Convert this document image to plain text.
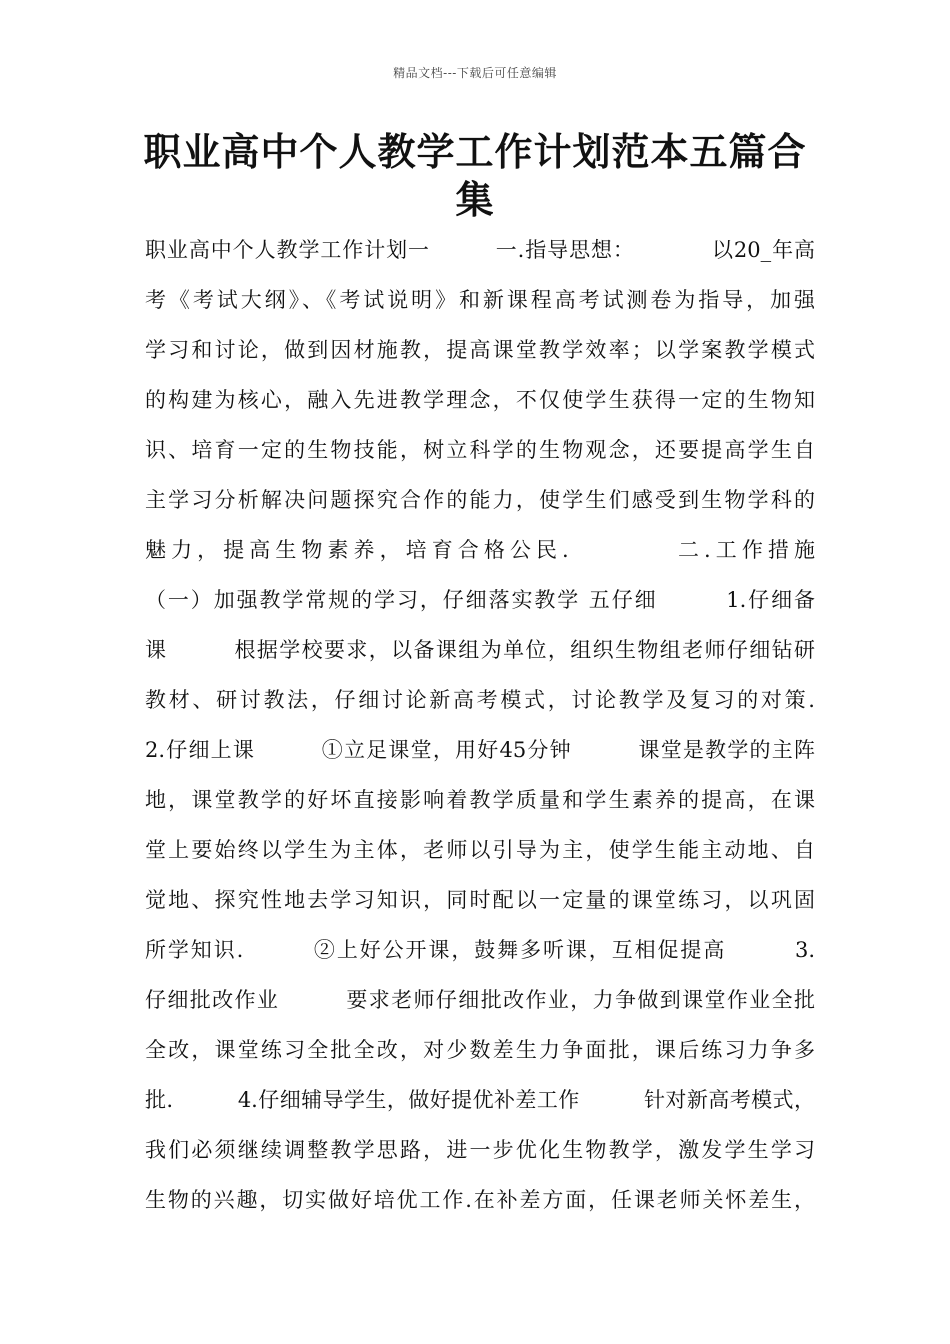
精品文档---下载后可任意编辑
职业高中个人教学工作计划范本五篇合
集
职业高中个人教学工作计划一　　　一.指导思想：　　　　以20_年高
考《考试大纲》、《考试说明》和新课程高考试测卷为指导，加强
学习和讨论，做到因材施教，提高课堂教学效率；以学案教学模式
的构建为核心，融入先进教学理念，不仅使学生获得一定的生物知
识、培育一定的生物技能，树立科学的生物观念，还要提高学生自
主学习分析解决问题探究合作的能力，使学生们感受到生物学科的
魅力，提高生物素养，培育合格公民.　　　　二.工作措施
（一）加强教学常规的学习，仔细落实教学 五仔细　　　1.仔细备
课　　　根据学校要求，以备课组为单位，组织生物组老师仔细钻研
教材、研讨教法，仔细讨论新高考模式，讨论教学及复习的对策.
2.仔细上课　　　①立足课堂，用好45分钟　　　课堂是教学的主阵
地，课堂教学的好坏直接影响着教学质量和学生素养的提高，在课
堂上要始终以学生为主体，老师以引导为主，使学生能主动地、自
觉地、探究性地去学习知识，同时配以一定量的课堂练习，以巩固
所学知识.　　　②上好公开课，鼓舞多听课，互相促提高　　　3.
仔细批改作业　　　要求老师仔细批改作业，力争做到课堂作业全批
全改，课堂练习全批全改，对少数差生力争面批，课后练习力争多
批.　　　4.仔细辅导学生，做好提优补差工作　　　针对新高考模式，
我们必须继续调整教学思路，进一步优化生物教学，激发学生学习
生物的兴趣，切实做好培优工作.在补差方面，任课老师关怀差生，
